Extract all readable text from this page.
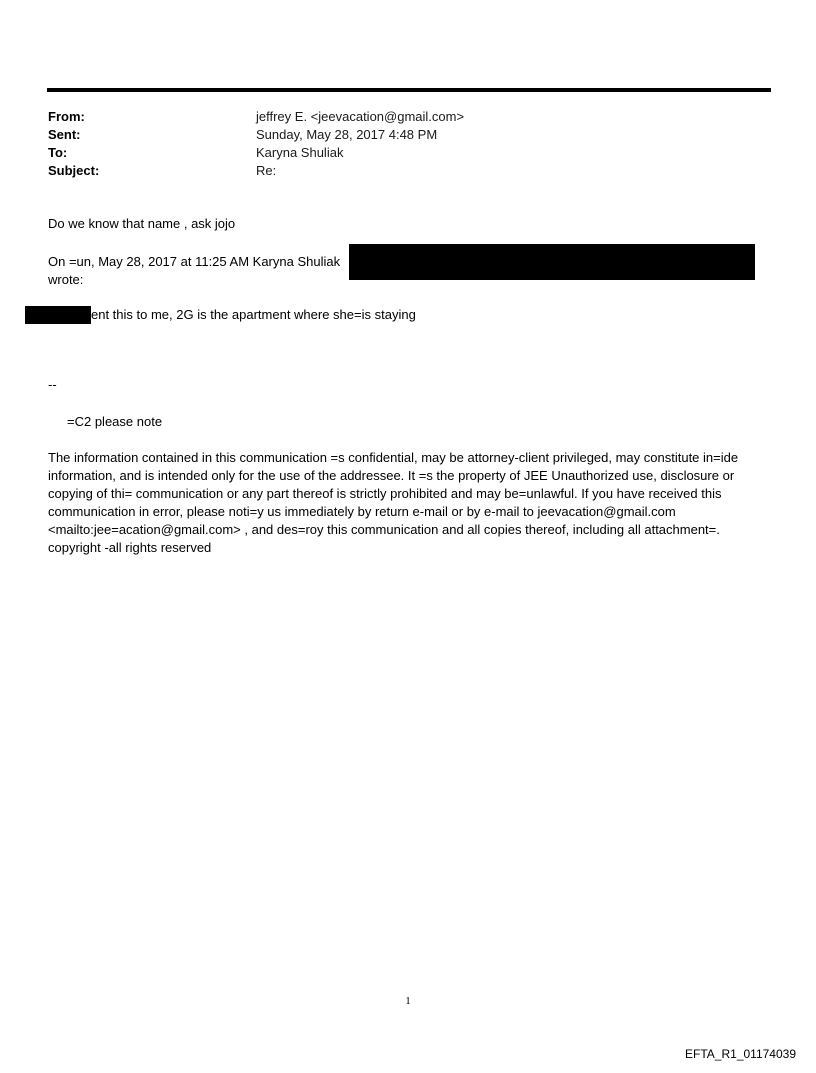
From:	jeffrey E. <jeevacation@gmail.com>
Sent:	Sunday, May 28, 2017 4:48 PM
To:	Karyna Shuliak
Subject:	Re:
Do we know that name , ask jojo
On =un, May 28, 2017 at 11:25 AM Karyna Shuliak
wrote:
ent this to me, 2G is the apartment where she=is staying
--
=C2 please note
The information contained in this communication =s confidential, may be attorney-client privileged, may constitute in=ide information, and is intended only for the use of the addressee. It =s the property of JEE Unauthorized use, disclosure or copying of thi= communication or any part thereof is strictly prohibited and may be=unlawful. If you have received this communication in error, please noti=y us immediately by return e-mail or by e-mail to jeevacation@gmail.com <mailto:jee=acation@gmail.com> , and des=roy this communication and all copies thereof, including all attachment=. copyright -all rights reserved
1
EFTA_R1_01174039
